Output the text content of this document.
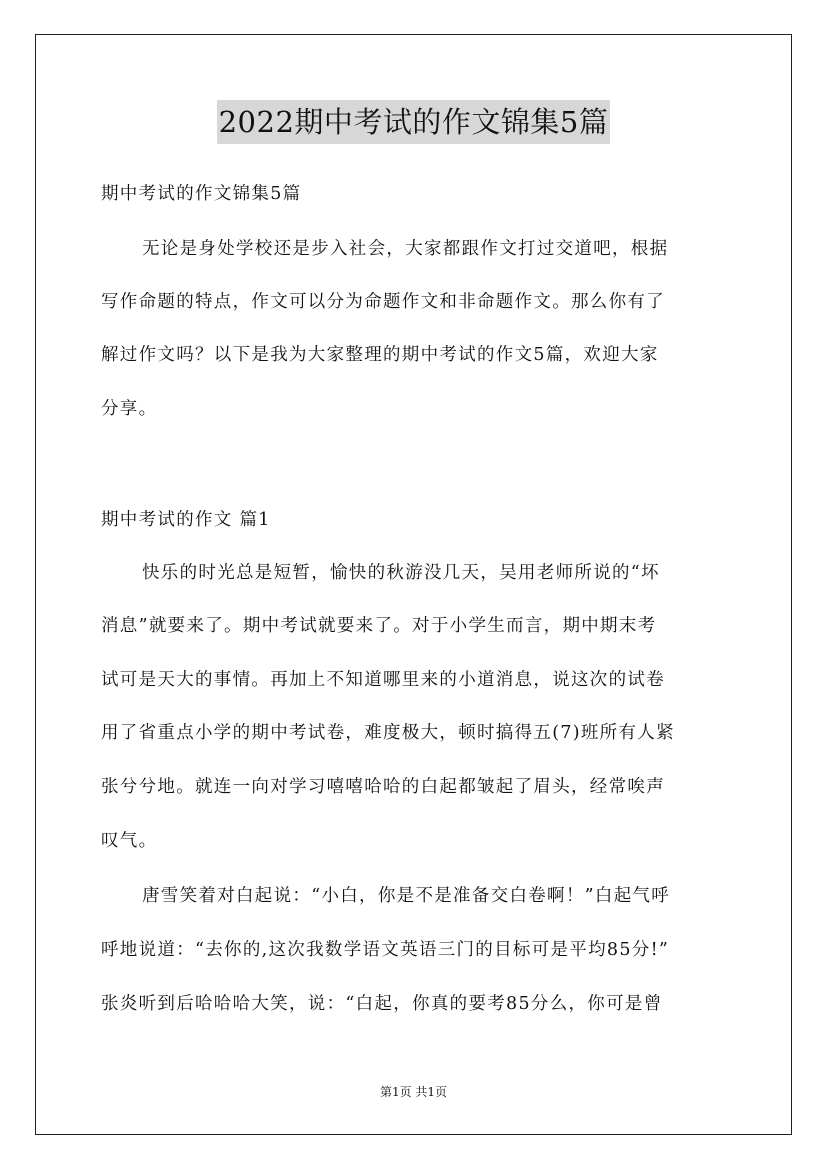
2022期中考试的作文锦集5篇
期中考试的作文锦集5篇
无论是身处学校还是步入社会，大家都跟作文打过交道吧，根据
写作命题的特点，作文可以分为命题作文和非命题作文。那么你有了
解过作文吗？以下是我为大家整理的期中考试的作文5篇，欢迎大家
分享。
期中考试的作文 篇1
快乐的时光总是短暂，愉快的秋游没几天，吴用老师所说的“坏
消息”就要来了。期中考试就要来了。对于小学生而言，期中期末考
试可是天大的事情。再加上不知道哪里来的小道消息，说这次的试卷
用了省重点小学的期中考试卷，难度极大，顿时搞得五(7)班所有人紧
张兮兮地。就连一向对学习嘻嘻哈哈的白起都皱起了眉头，经常唉声
叹气。
唐雪笑着对白起说：“小白，你是不是准备交白卷啊！”白起气呼
呼地说道：“去你的,这次我数学语文英语三门的目标可是平均85分!”
张炎听到后哈哈哈大笑，说：“白起，你真的要考85分么，你可是曾
第1页 共1页
